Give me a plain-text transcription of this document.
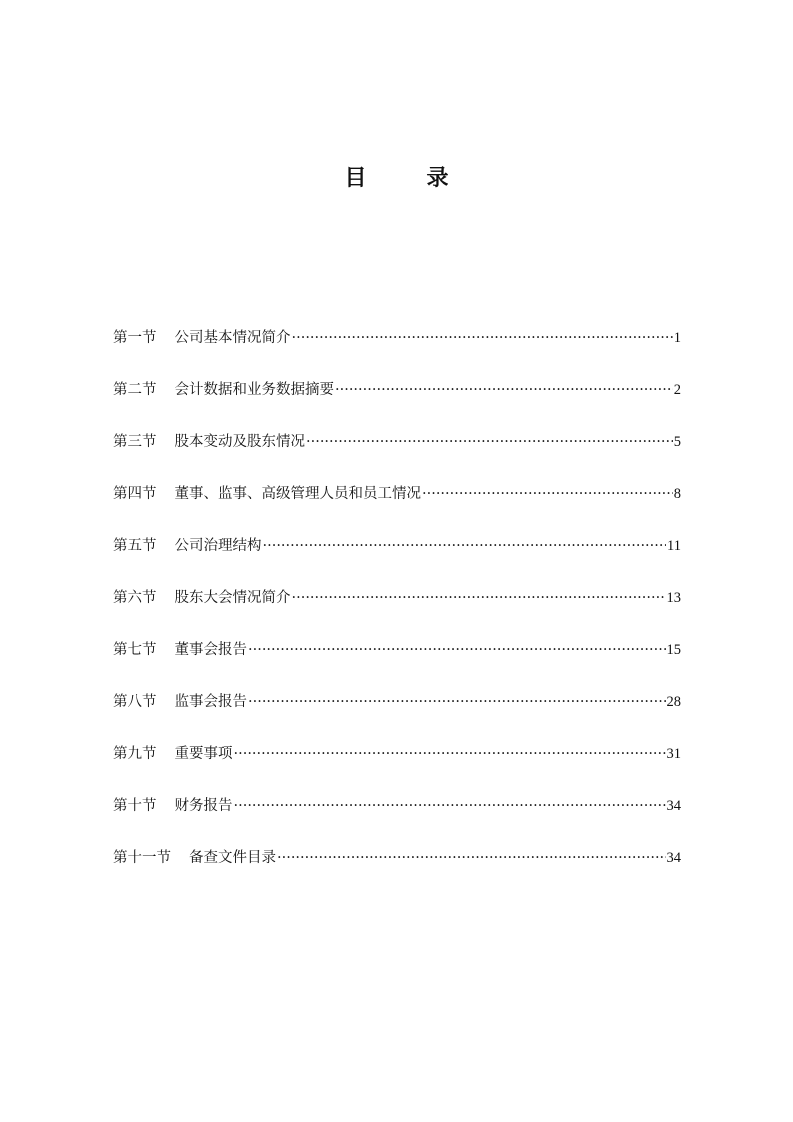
目	录
第一节 公司基本情况简介 ·····	1
第二节 会计数据和业务数据摘要 ·····	2
第三节 股本变动及股东情况 ·····	5
第四节 董事、监事、高级管理人员和员工情况 ·····	8
第五节 公司治理结构 ·····	11
第六节 股东大会情况简介 ·····	13
第七节 董事会报告 ·····	15
第八节 监事会报告 ·····	28
第九节 重要事项 ·····	31
第十节 财务报告 ·····	34
第十一节 备查文件目录 ·····	34
